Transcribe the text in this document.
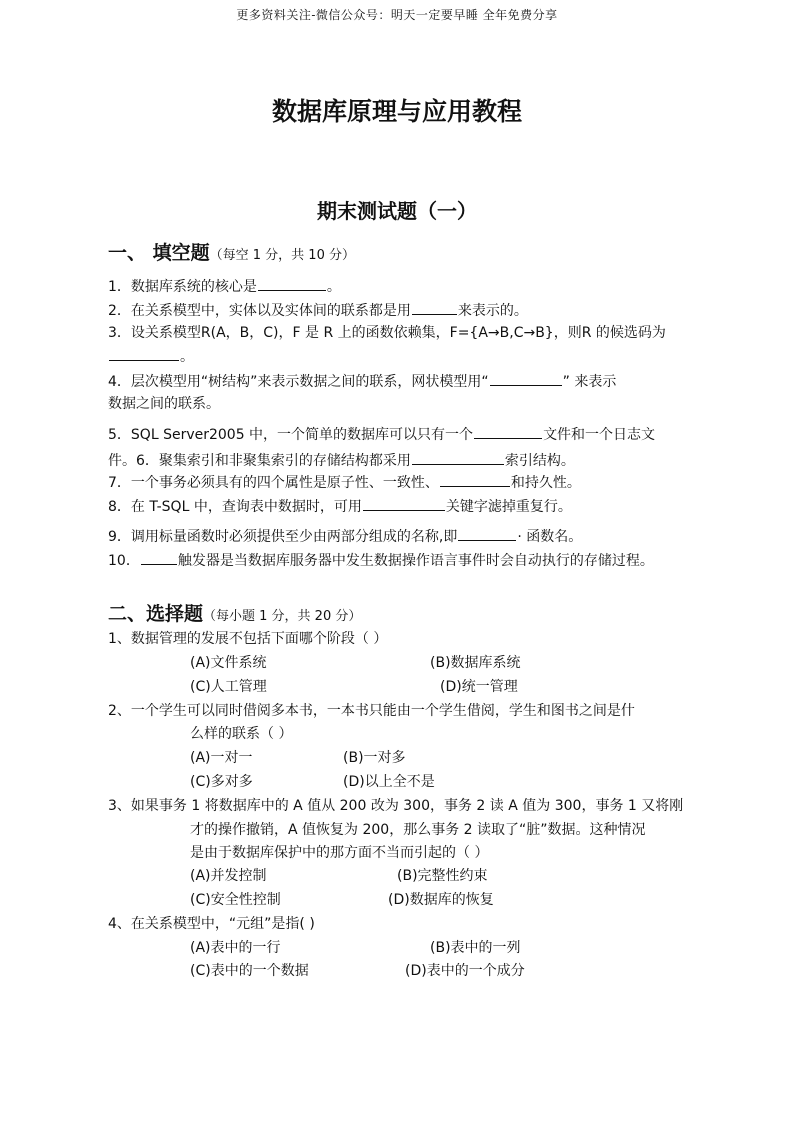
更多资料关注-微信公众号：明天一定要早睡 全年免费分享
数据库原理与应用教程
期末测试题（一）
一、 填空题（每空 1 分，共 10 分）
1．数据库系统的核心是	。
2．在关系模型中，实体以及实体间的联系都是用	来表示的。
3．设关系模型R(A，B，C)，F 是 R 上的函数依赖集，F={A→B,C→B}，则R 的候选码为
。
4．层次模型用“树结构”来表示数据之间的联系，网状模型用“	” 来表示
数据之间的联系。
5．SQL Server2005 中，一个简单的数据库可以只有一个	文件和一个日志文
件。6．聚集索引和非聚集索引的存储结构都采用	索引结构。
7．一个事务必须具有的四个属性是原子性、一致性、	和持久性。
8．在 T-SQL 中，查询表中数据时，可用	关键字滤掉重复行。
9．调用标量函数时必须提供至少由两部分组成的名称,即	· 函数名。
10．	触发器是当数据库服务器中发生数据操作语言事件时会自动执行的存储过程。
二、选择题（每小题 1 分，共 20 分）
1、数据管理的发展不包括下面哪个阶段（ ）
(A)文件系统	(B)数据库系统
(C)人工管理	(D)统一管理
2、一个学生可以同时借阅多本书，一本书只能由一个学生借阅，学生和图书之间是什
么样的联系（ ）
(A)一对一	(B)一对多
(C)多对多	(D)以上全不是
3、如果事务 1 将数据库中的 A 值从 200 改为 300，事务 2 读 A 值为 300，事务 1 又将刚
才的操作撤销，A 值恢复为 200，那么事务 2 读取了“脏”数据。这种情况
是由于数据库保护中的那方面不当而引起的（ ）
(A)并发控制	(B)完整性约束
(C)安全性控制	(D)数据库的恢复
4、在关系模型中，“元组”是指( )
(A)表中的一行	(B)表中的一列
(C)表中的一个数据	(D)表中的一个成分
